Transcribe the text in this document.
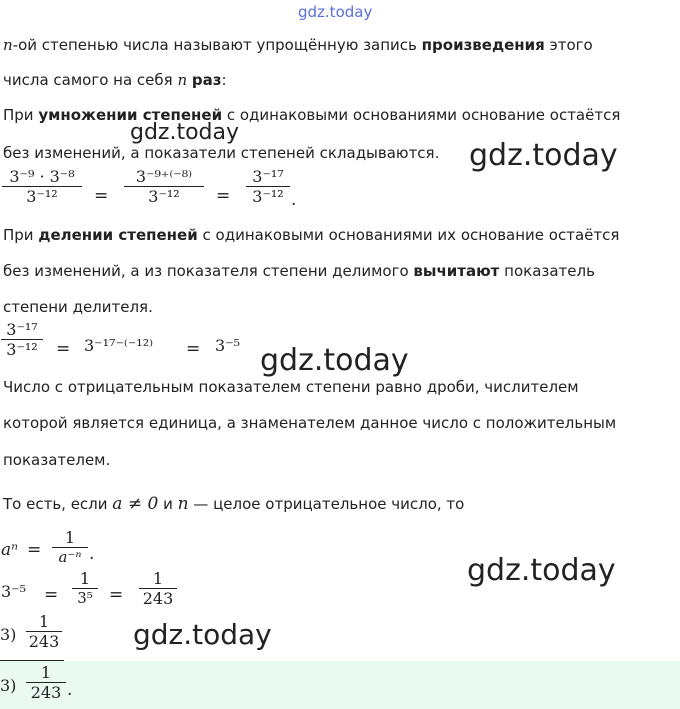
gdz.today
gdz.today
gdz.today
gdz.today
gdz.today
gdz.today
n-ой степенью числа называют упрощённую запись произведения этого
числа самого на себя n раз:
При умножении степеней с одинаковыми основаниями основание остаётся
без изменений, а показатели степеней складываются.
3⁻⁹ · 3⁻⁸
3⁻¹²	=
3⁻⁹⁺⁽⁻⁸⁾
3⁻¹²	=
3⁻¹⁷
3⁻¹² .
При делении степеней с одинаковыми основаниями их основание остаётся
без изменений, а из показателя степени делимого вычитают показатель
степени делителя.
3⁻¹⁷
3⁻¹²	= 3⁻¹⁷⁻⁽⁻¹²⁾ = 3⁻⁵
Число с отрицательным показателем степени равно дроби, числителем
которой является единица, а знаменателем данное число с положительным
показателем.
То есть, если a ≠ 0 и n — целое отрицательное число, то
aⁿ =
1
a⁻ⁿ .
3⁻⁵ =
1
3⁵ =
1
243
3)
1
243
3)
1
243 .
